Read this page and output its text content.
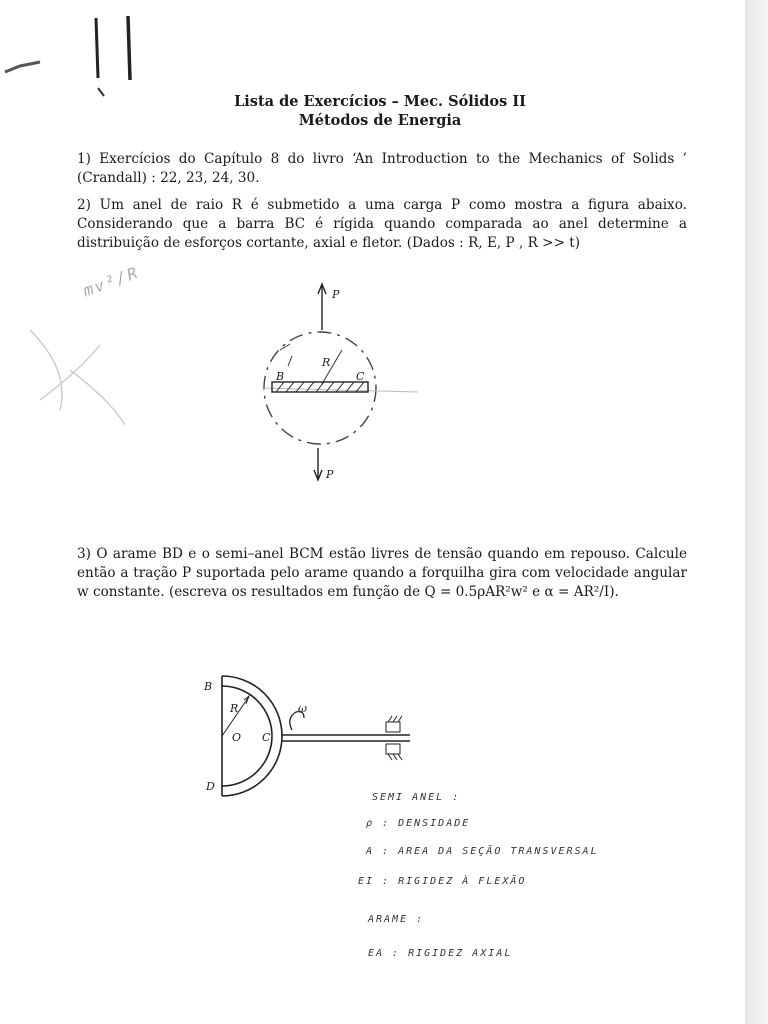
Lista de Exercícios – Mec. Sólidos II
Métodos de Energia
1) Exercícios do Capítulo 8 do livro ‘An Introduction to the Mechanics of Solids ’ (Crandall) : 22, 23, 24, 30.
2) Um anel de raio R é submetido a uma carga P como mostra a figura abaixo. Considerando que a barra BC é rígida quando comparada ao anel determine a distribuição de esforços cortante, axial e fletor. (Dados : R, E, P , R >> t)
3) O arame BD e o semi–anel BCM estão livres de tensão quando em repouso. Calcule então a tração P suportada pelo arame quando a forquilha gira com velocidade angular w constante. (escreva os resultados em função de Q = 0.5ρAR²w² e α = AR²/I).
mv²/R	P
P
B	C
R
B
D
O C
R	ω
SEMI ANEL :
ρ : DENSIDADE
A : AREA DA SEÇÃO TRANSVERSAL
EI : RIGIDEZ À FLEXÃO
ARAME :
EA : RIGIDEZ AXIAL
